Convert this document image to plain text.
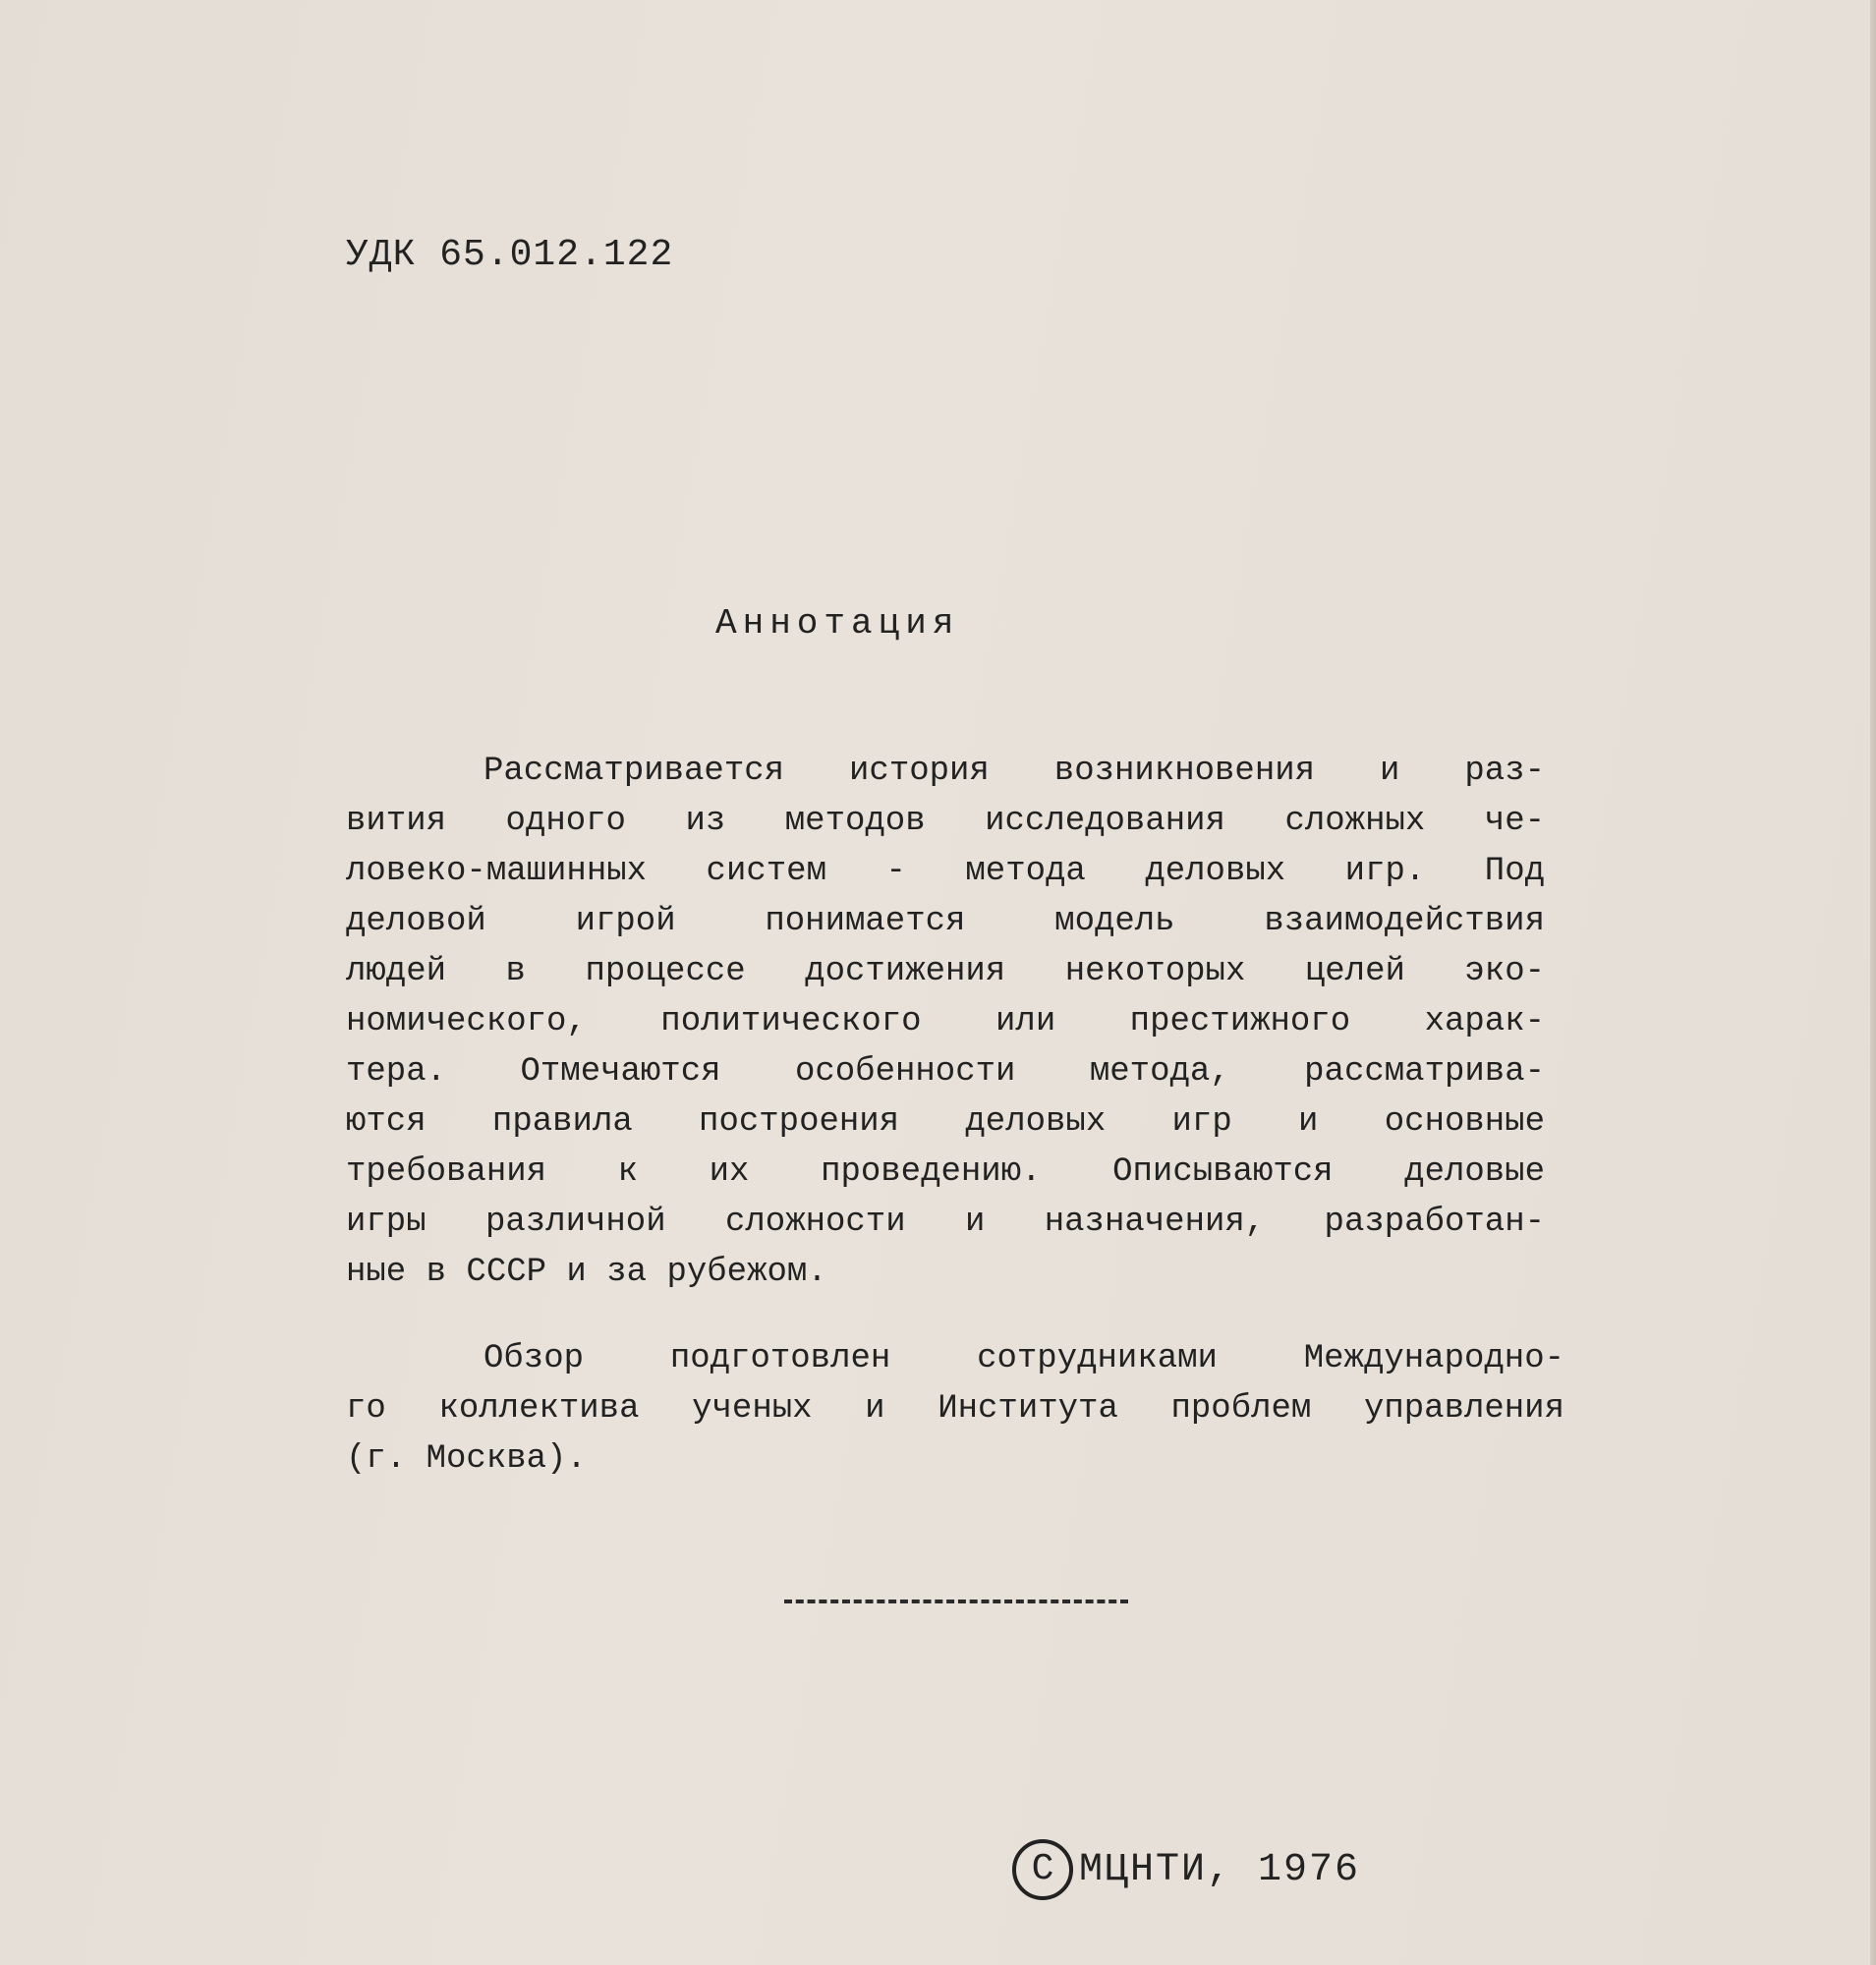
УДК 65.012.122
Аннотация
Рассматривается история возникновения и раз-
вития одного из методов исследования сложных че-
ловеко-машинных систем - метода деловых игр. Под
деловой игрой понимается модель взаимодействия
людей в процессе достижения некоторых целей эко-
номического, политического или престижного харак-
тера. Отмечаются особенности метода, рассматрива-
ются правила построения деловых игр и основные
требования к их проведению. Описываются деловые
игры различной сложности и назначения, разработан-
ные в СССР и за рубежом.
Обзор подготовлен сотрудниками Международно-
го коллектива ученых и Института проблем управления
(г. Москва).
С МЦНТИ, 1976
